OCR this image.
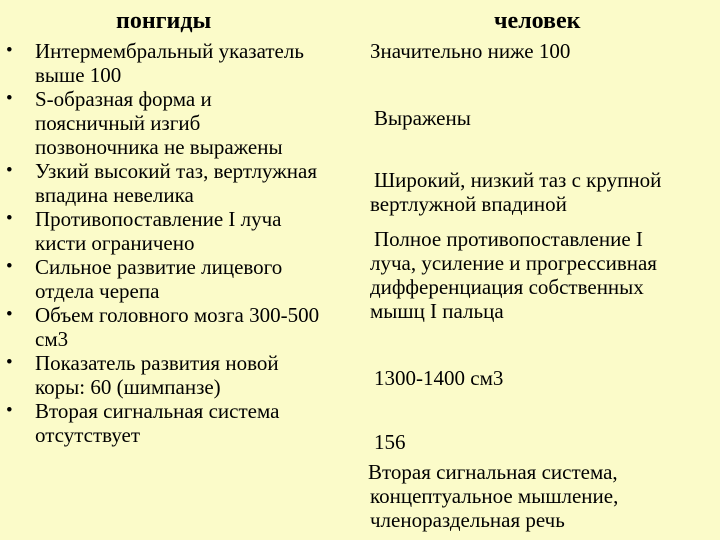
понгиды	человек
• Интермембральный указатель
выше 100
• S-образная форма и
поясничный изгиб
позвоночника не выражены
• Узкий высокий таз, вертлужная
впадина невелика
• Противопоставление I луча
кисти ограничено
• Сильное развитие лицевого
отдела черепа
• Объем головного мозга 300-500
см3
• Показатель развития новой
коры: 60 (шимпанзе)
• Вторая сигнальная система
отсутствует
Значительно ниже 100
Выражены
Широкий, низкий таз с крупной
вертлужной впадиной
Полное противопоставление I
луча, усиление и прогрессивная
дифференциация собственных
мышц I пальца
1300-1400 см3
156
Вторая сигнальная система,
концептуальное мышление,
членораздельная речь
